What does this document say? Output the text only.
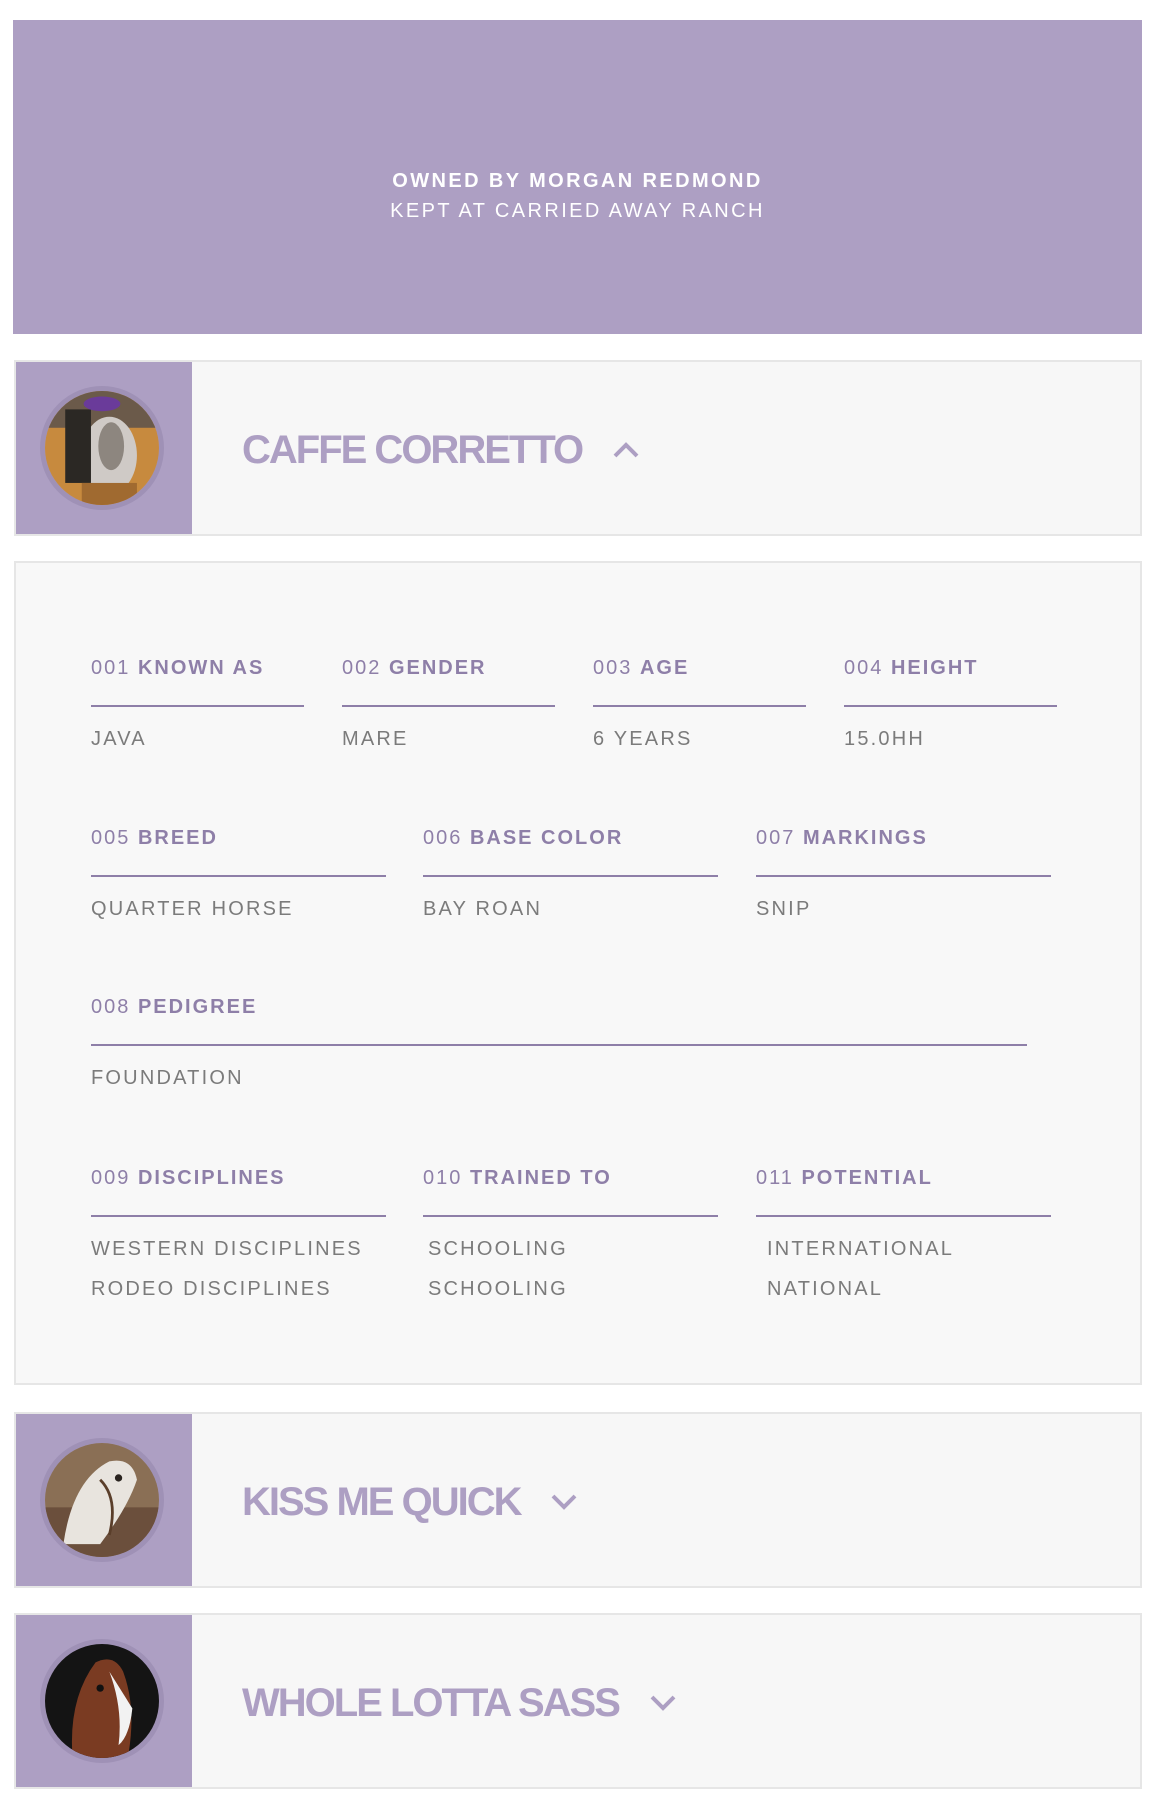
OWNED BY MORGAN REDMOND
KEPT AT CARRIED AWAY RANCH
CAFFE CORRETTO
001 KNOWN AS
JAVA
002 GENDER
MARE
003 AGE
6 YEARS
004 HEIGHT
15.0HH
005 BREED
QUARTER HORSE
006 BASE COLOR
BAY ROAN
007 MARKINGS
SNIP
008 PEDIGREE
FOUNDATION
009 DISCIPLINES
WESTERN DISCIPLINES
RODEO DISCIPLINES
010 TRAINED TO
SCHOOLING
SCHOOLING
011 POTENTIAL
INTERNATIONAL
NATIONAL
KISS ME QUICK
WHOLE LOTTA SASS
